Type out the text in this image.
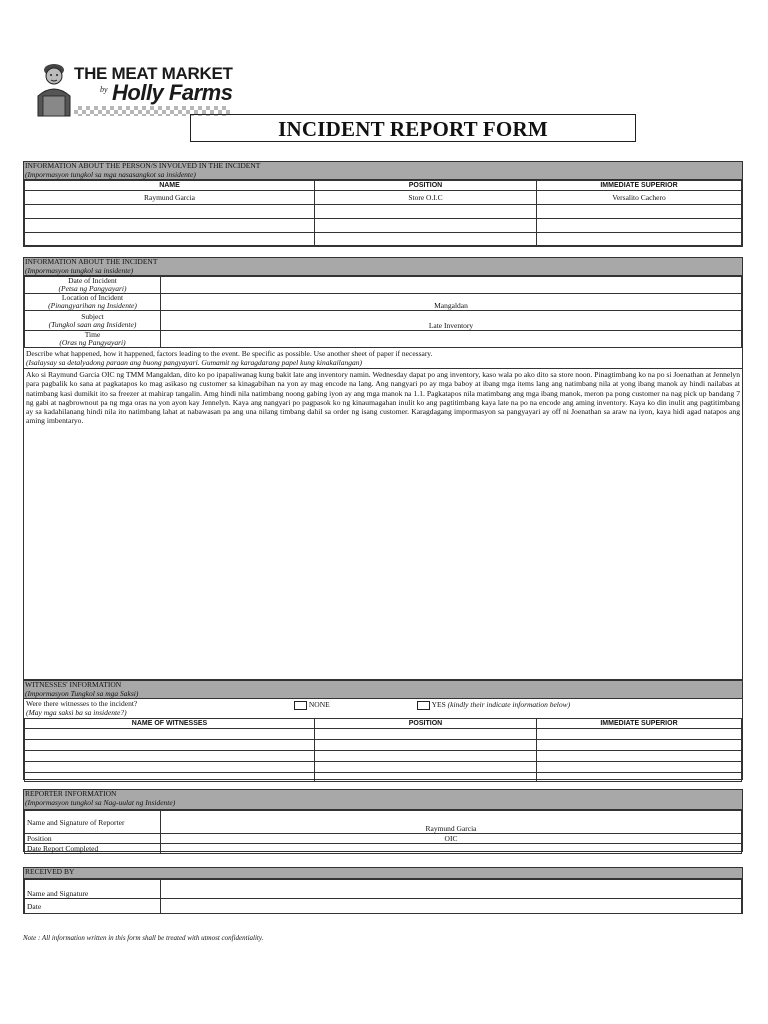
THE MEAT MARKET
by Holly Farms
INCIDENT REPORT FORM
INFORMATION ABOUT THE PERSON/S INVOLVED IN THE INCIDENT
(Impormasyon tungkol sa mga nasasangkot sa insidente)
NAME	POSITION	IMMEDIATE SUPERIOR
Raymund Garcia	Store O.I.C	Versalito Cachero

INFORMATION ABOUT THE INCIDENT
(Impormasyon tungkol sa insidente)
Date of Incident
(Petsa ng Pangyayari)	

Location of Incident
(Pinangyarihan ng Insidente)	Mangaldan

Subject
(Tungkol saan ang Insidente)	Late Inventory

Time
(Oras ng Pangyayari)	

Describe what happened, how it happened, factors leading to the event. Be specific as possible. Use another sheet of paper if necessary.
(Isalaysay sa detalyadong paraan ang buong pangyayari. Gumamit ng karagdarang papel kung kinakailangan)
Ako si Raymund Garcia OIC ng TMM Mangaldan, dito ko po ipapaliwanag kung bakit late ang inventory namin. Wednesday dapat po ang inventory, kaso wala po ako dito sa store noon. Pinagtimbang ko na po si Joenathan at Jennelyn para pagbalik ko sana at pagkatapos ko mag asikaso ng customer sa kinagabihan na yon ay mag encode na lang. Ang nangyari po ay mga baboy at ibang mga items lang ang natimbang nila at yong ibang manok ay hindi nailabas at natimbang kasi dumikit ito sa freezer at mahirap tangalin. Amg hindi nila natimbang noong gabing iyon ay ang mga manok na 1.1. Pagkatapos nila matimbang ang mga ibang manok, meron pa pong customer na nag pick up bandang 7 ng gabi at nagbrownout pa ng mga oras na yon ayon kay Jennelyn. Kaya ang nangyari po pagpasok ko ng kinaumagahan inulit ko ang pagtitimbang kaya late na po na encode ang aming inventory. Kaya ko din inulit ang pagtitimbang ay sa kadahilanang hindi nila ito natimbang lahat at nabawasan pa ang una nilang timbang dahil sa order ng isang customer. Karagdagang impormasyon sa pangyayari ay off ni Joenathan sa araw na iyon, kaya hidi agad natapos ang aming imbentaryo.
WITNESSES' INFORMATION
(Impormasyon Tungkol sa mga Saksi)
Were there witnesses to the incident?
(May mga saksi ba sa insidente?)
NONE	YES (kindly their indicate information below)
NAME OF WITNESSES	POSITION	IMMEDIATE SUPERIOR

REPORTER INFORMATION
(Impormasyon tungkol sa Nag-uulat ng Insidente)
Name and Signature of Reporter	Raymund Garcia
Position	OIC
Date Report Completed	
RECEIVED BY
Name and Signature	
Date	
Note : All information written in this form shall be treated with utmost confidentiality.
